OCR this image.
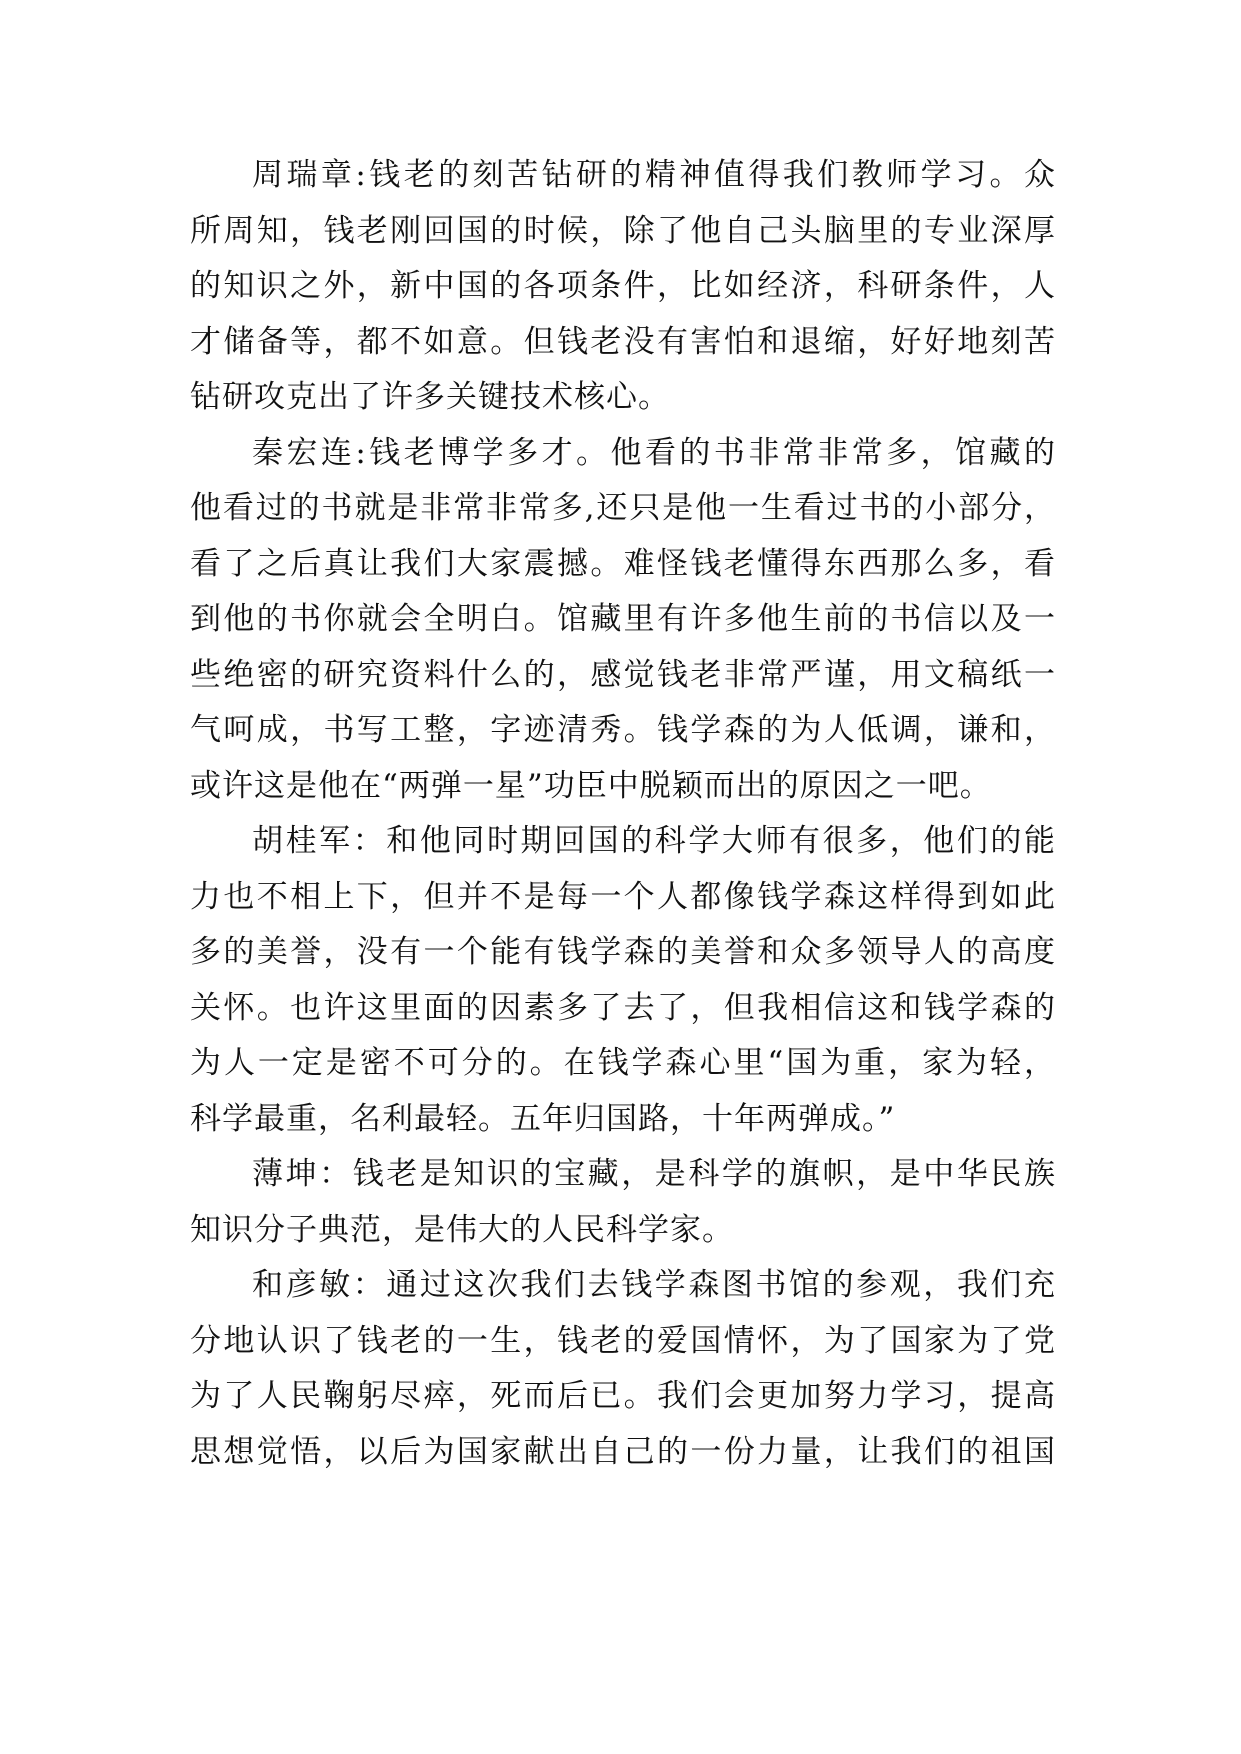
周瑞章:钱老的刻苦钻研的精神值得我们教师学习。众
所周知，钱老刚回国的时候，除了他自己头脑里的专业深厚
的知识之外，新中国的各项条件，比如经济，科研条件，人
才储备等，都不如意。但钱老没有害怕和退缩，好好地刻苦
钻研攻克出了许多关键技术核心。

秦宏连:钱老博学多才。他看的书非常非常多，馆藏的
他看过的书就是非常非常多,还只是他一生看过书的小部分，
看了之后真让我们大家震撼。难怪钱老懂得东西那么多，看
到他的书你就会全明白。馆藏里有许多他生前的书信以及一
些绝密的研究资料什么的，感觉钱老非常严谨，用文稿纸一
气呵成，书写工整，字迹清秀。钱学森的为人低调，谦和，
或许这是他在“两弹一星”功臣中脱颖而出的原因之一吧。

胡桂军：和他同时期回国的科学大师有很多，他们的能
力也不相上下，但并不是每一个人都像钱学森这样得到如此
多的美誉，没有一个能有钱学森的美誉和众多领导人的高度
关怀。也许这里面的因素多了去了，但我相信这和钱学森的
为人一定是密不可分的。在钱学森心里“国为重，家为轻，
科学最重，名利最轻。五年归国路，十年两弹成。”

薄坤：钱老是知识的宝藏，是科学的旗帜，是中华民族
知识分子典范，是伟大的人民科学家。

和彦敏：通过这次我们去钱学森图书馆的参观，我们充
分地认识了钱老的一生，钱老的爱国情怀，为了国家为了党
为了人民鞠躬尽瘁，死而后已。我们会更加努力学习，提高
思想觉悟，以后为国家献出自己的一份力量，让我们的祖国
